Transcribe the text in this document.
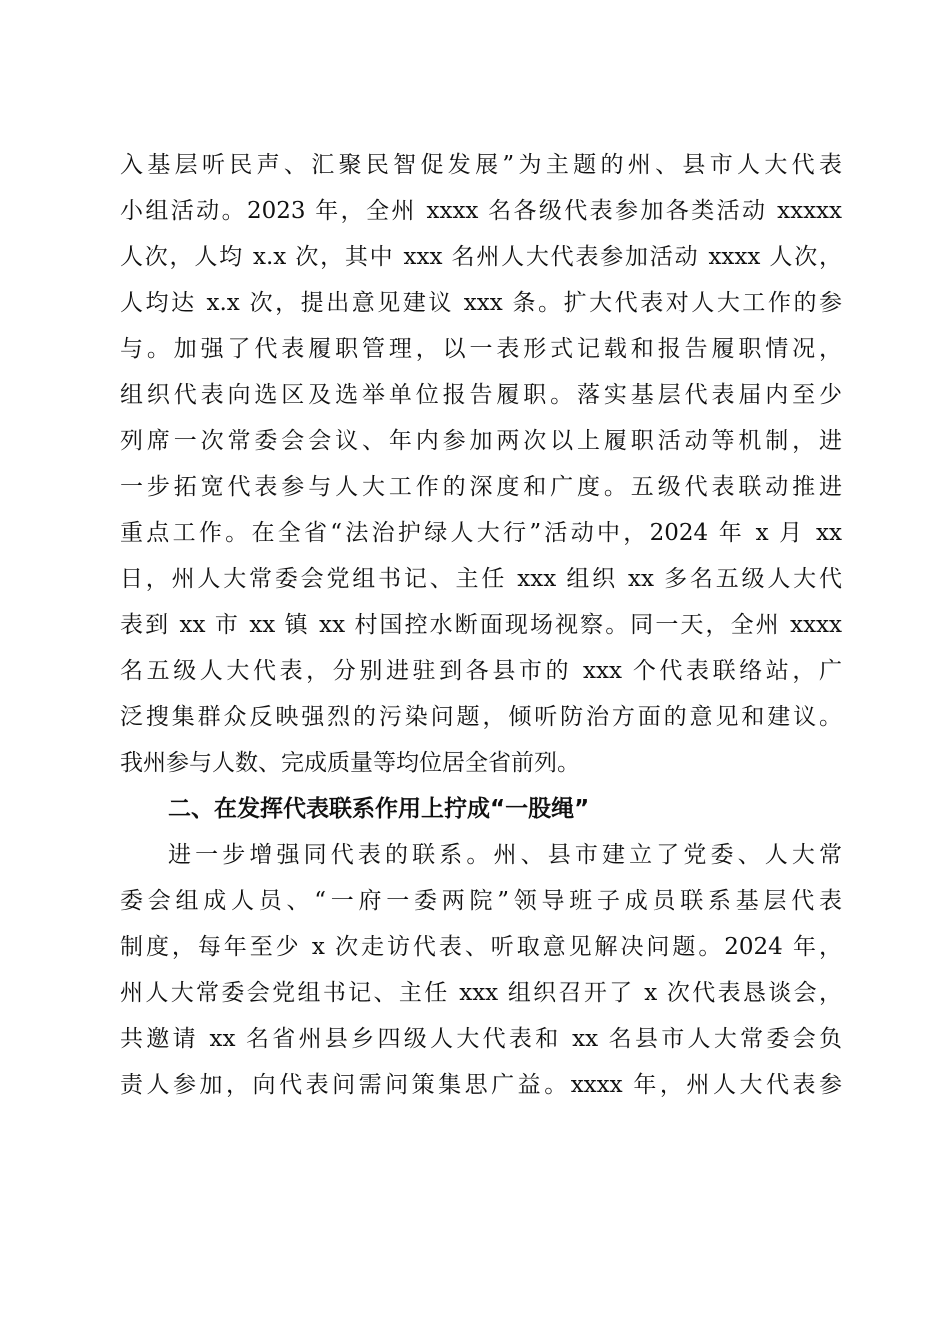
入基层听民声、汇聚民智促发展”为主题的州、县市人大代表
小组活动。2023 年，全州 xxxx 名各级代表参加各类活动 xxxxx
人次，人均 x.x 次，其中 xxx 名州人大代表参加活动 xxxx 人次，
人均达 x.x 次，提出意见建议 xxx 条。扩大代表对人大工作的参
与。加强了代表履职管理，以一表形式记载和报告履职情况，
组织代表向选区及选举单位报告履职。落实基层代表届内至少
列席一次常委会会议、年内参加两次以上履职活动等机制，进
一步拓宽代表参与人大工作的深度和广度。五级代表联动推进
重点工作。在全省“法治护绿人大行”活动中，2024 年 x 月 xx
日，州人大常委会党组书记、主任 xxx 组织 xx 多名五级人大代
表到 xx 市 xx 镇 xx 村国控水断面现场视察。同一天，全州 xxxx
名五级人大代表，分别进驻到各县市的 xxx 个代表联络站，广
泛搜集群众反映强烈的污染问题，倾听防治方面的意见和建议。
我州参与人数、完成质量等均位居全省前列。
二、在发挥代表联系作用上拧成“一股绳”
进一步增强同代表的联系。州、县市建立了党委、人大常
委会组成人员、“一府一委两院”领导班子成员联系基层代表
制度，每年至少 x 次走访代表、听取意见解决问题。2024 年，
州人大常委会党组书记、主任 xxx 组织召开了 x 次代表恳谈会，
共邀请 xx 名省州县乡四级人大代表和 xx 名县市人大常委会负
责人参加，向代表问需问策集思广益。xxxx 年，州人大代表参
